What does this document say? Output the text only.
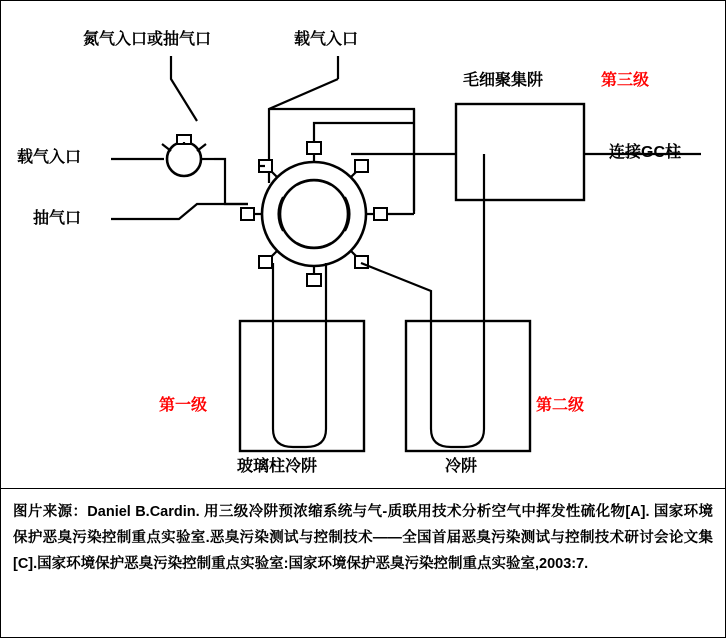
氮气入口或抽气口	载气入口
载气入口
抽气口
毛细聚集阱	第三级
连接GC柱
第一级	第二级
玻璃柱冷阱	冷阱
图片来源：Daniel B.Cardin. 用三级冷阱预浓缩系统与气-质联用技术分析空气中挥发性硫化物[A]. 国家环境保护恶臭污染控制重点实验室.恶臭污染测试与控制技术——全国首届恶臭污染测试与控制技术研讨会论文集[C].国家环境保护恶臭污染控制重点实验室:国家环境保护恶臭污染控制重点实验室,2003:7.
